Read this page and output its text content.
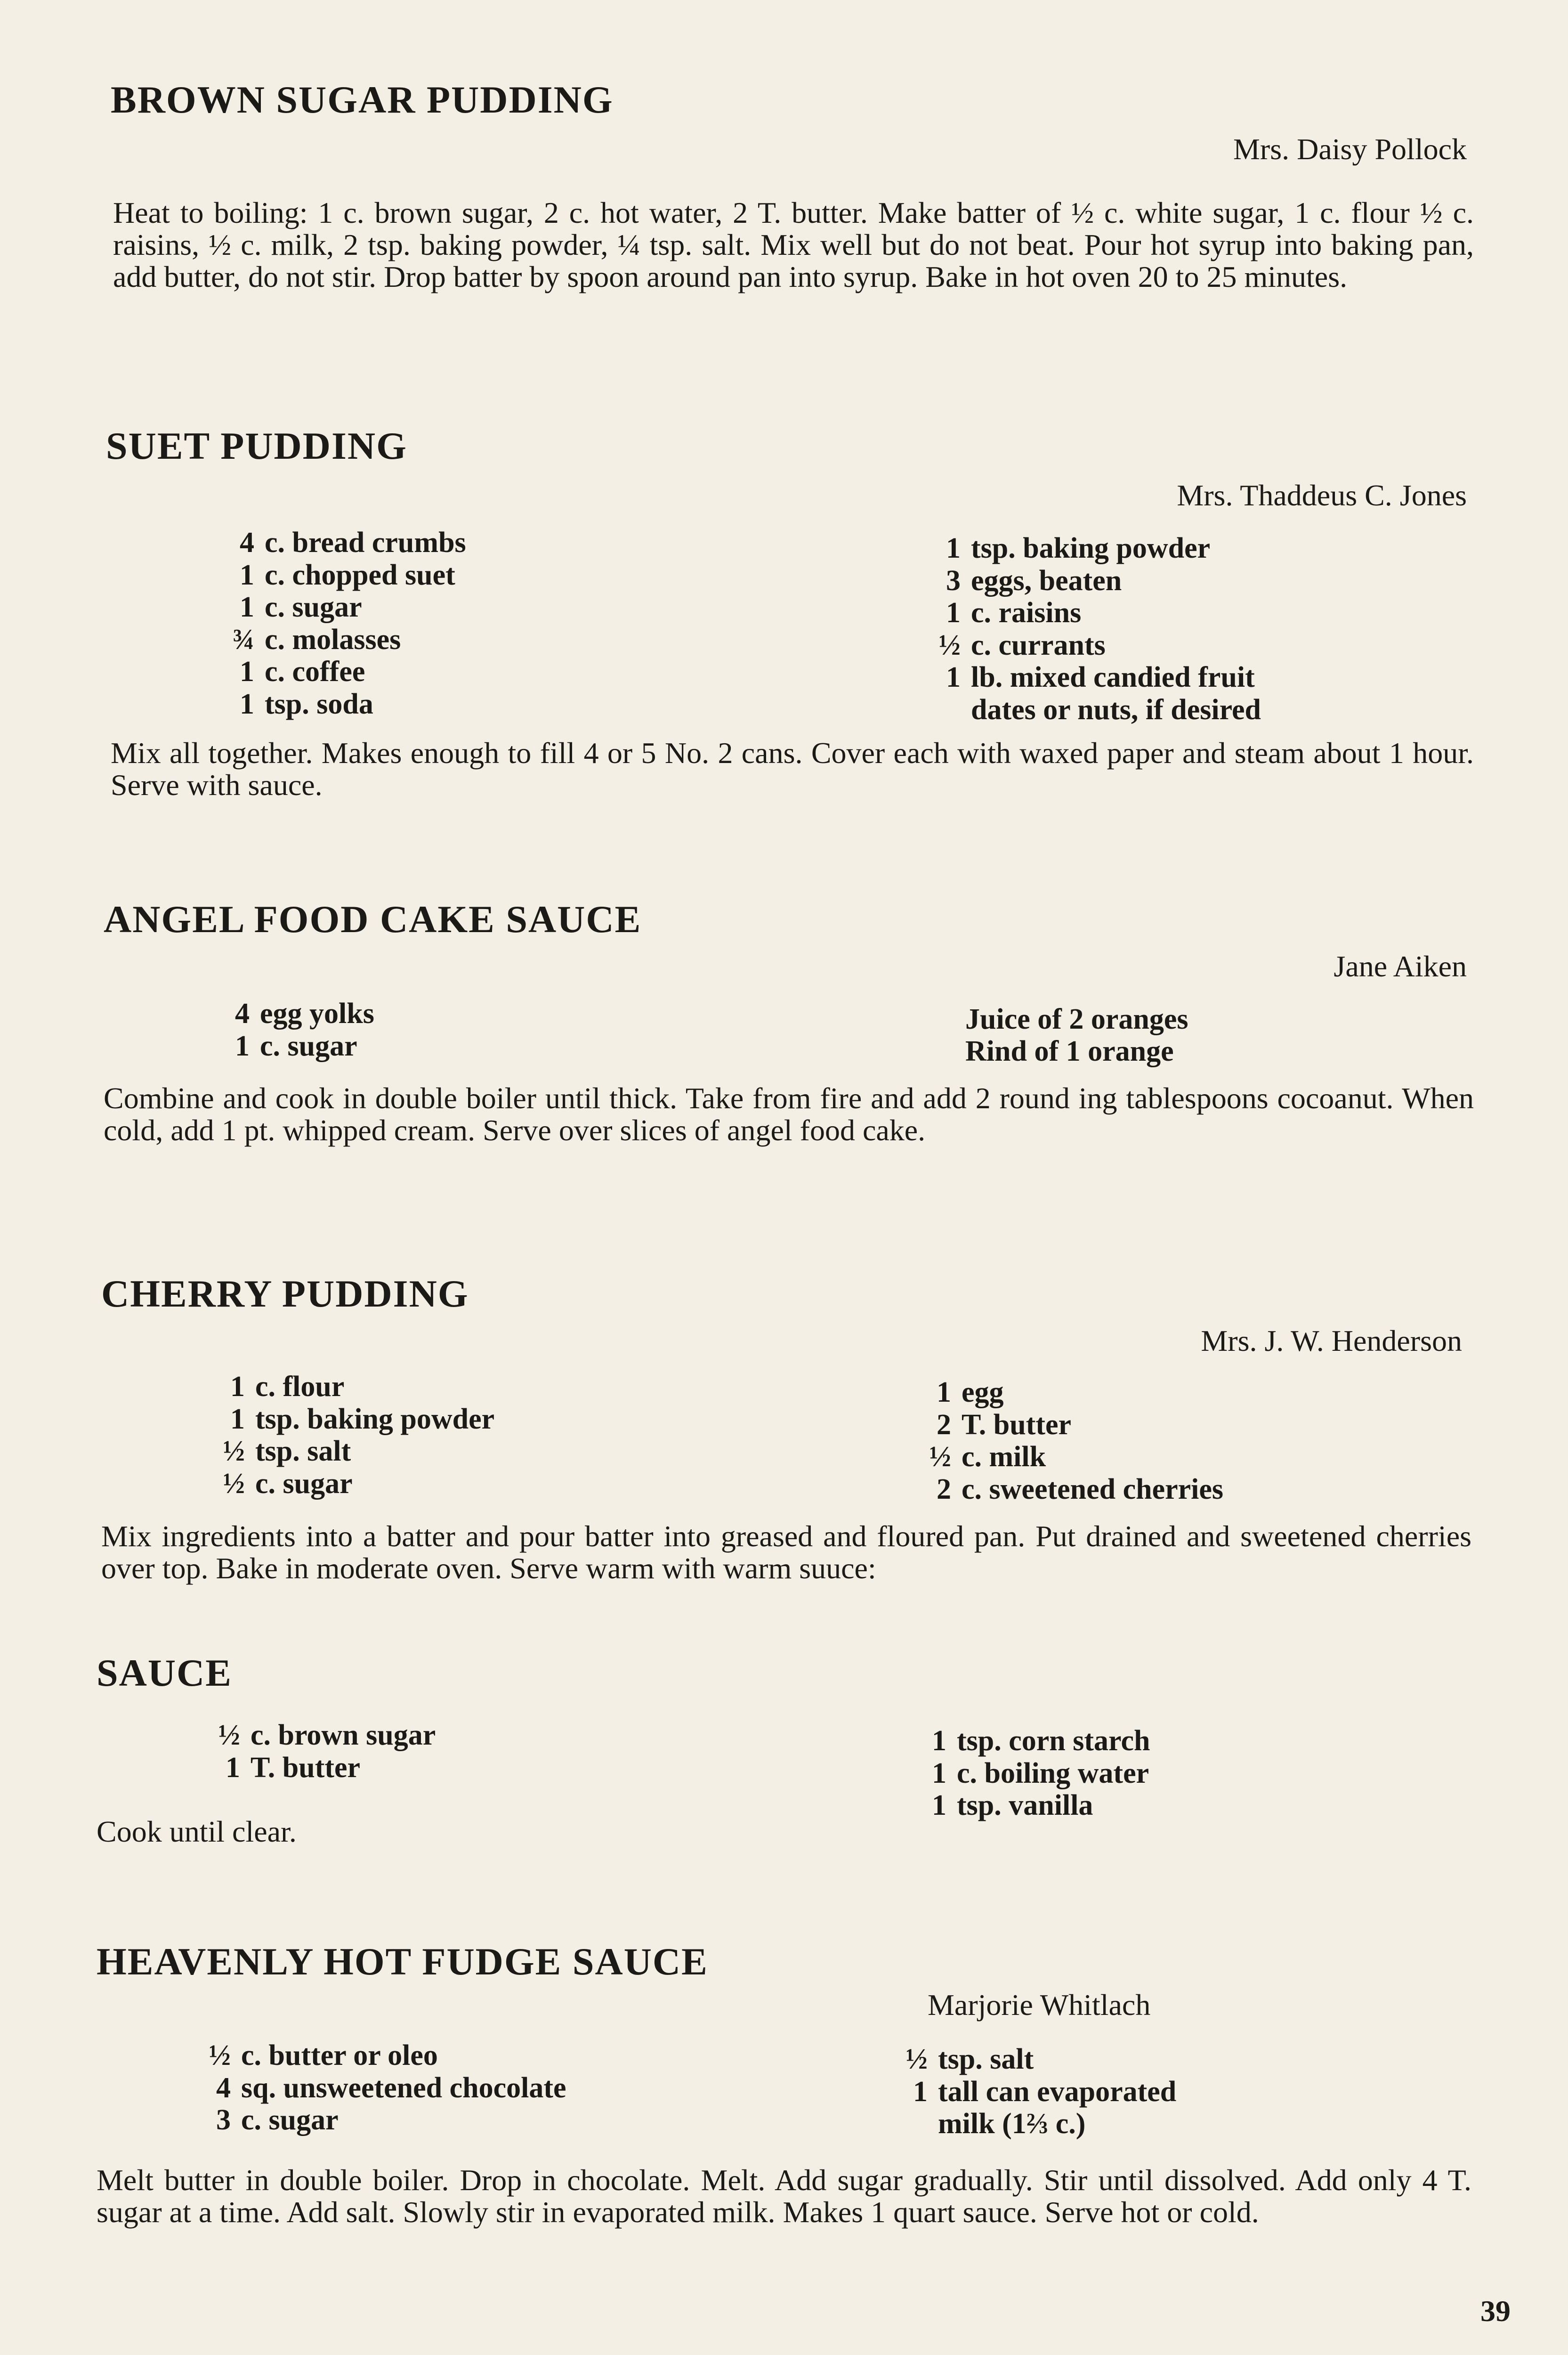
BROWN SUGAR PUDDING
Mrs. Daisy Pollock
Heat to boiling: 1 c. brown sugar, 2 c. hot water, 2 T. butter. Make batter of ½ c. white sugar, 1 c. flour ½ c. raisins, ½ c. milk, 2 tsp. baking powder, ¼ tsp. salt. Mix well but do not beat. Pour hot syrup into baking pan, add butter, do not stir. Drop batter by spoon around pan into syrup. Bake in hot oven 20 to 25 minutes.
SUET PUDDING
Mrs. Thaddeus C. Jones
4 c. bread crumbs
1 c. chopped suet
1 c. sugar
¾ c. molasses
1 c. coffee
1 tsp. soda
1 tsp. baking powder
3 eggs, beaten
1 c. raisins
½ c. currants
1 lb. mixed candied fruit
dates or nuts, if desired
Mix all together. Makes enough to fill 4 or 5 No. 2 cans. Cover each with waxed paper and steam about 1 hour. Serve with sauce.
ANGEL FOOD CAKE SAUCE
Jane Aiken
4 egg yolks
1 c. sugar
Juice of 2 oranges
Rind of 1 orange
Combine and cook in double boiler until thick. Take from fire and add 2 round ing tablespoons cocoanut. When cold, add 1 pt. whipped cream. Serve over slices of angel food cake.
CHERRY PUDDING
Mrs. J. W. Henderson
1 c. flour
1 tsp. baking powder
½ tsp. salt
½ c. sugar
1 egg
2 T. butter
½ c. milk
2 c. sweetened cherries
Mix ingredients into a batter and pour batter into greased and floured pan. Put drained and sweetened cherries over top. Bake in moderate oven. Serve warm with warm suuce:
SAUCE
½ c. brown sugar
1 T. butter
1 tsp. corn starch
1 c. boiling water
1 tsp. vanilla
Cook until clear.
HEAVENLY HOT FUDGE SAUCE
Marjorie Whitlach
½ c. butter or oleo
4 sq. unsweetened chocolate
3 c. sugar
½ tsp. salt
1 tall can evaporated
milk (1⅔ c.)
Melt butter in double boiler. Drop in chocolate. Melt. Add sugar gradually. Stir until dissolved. Add only 4 T. sugar at a time. Add salt. Slowly stir in evaporated milk. Makes 1 quart sauce. Serve hot or cold.
39
